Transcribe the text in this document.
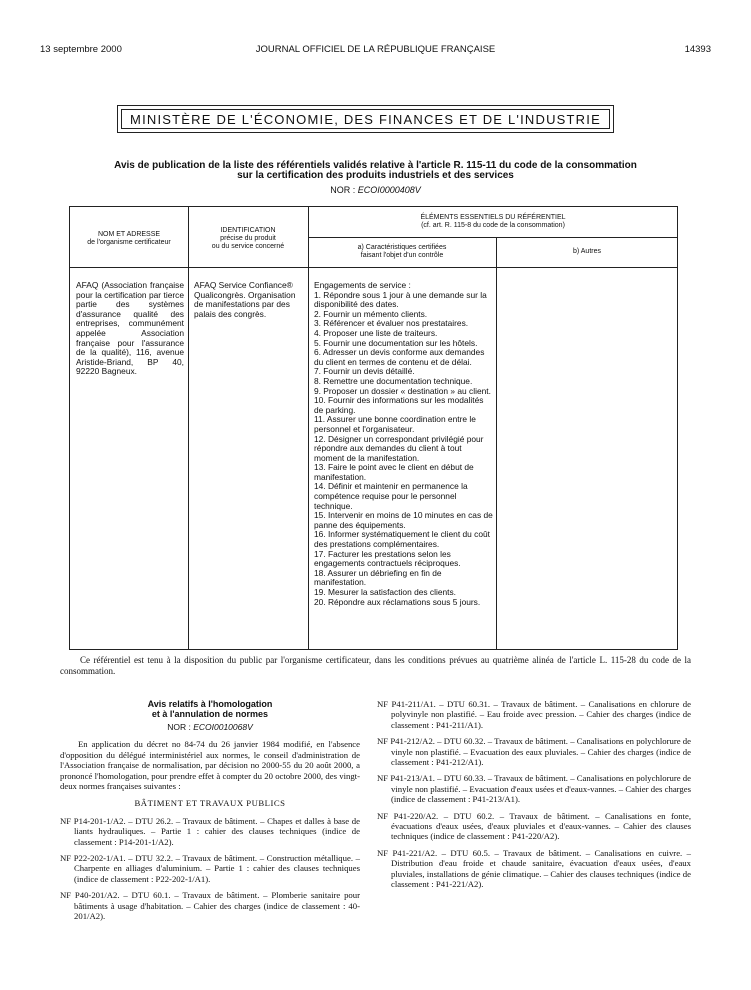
13 septembre 2000	JOURNAL OFFICIEL DE LA RÉPUBLIQUE FRANÇAISE	14393
MINISTÈRE DE L'ÉCONOMIE, DES FINANCES ET DE L'INDUSTRIE
Avis de publication de la liste des référentiels validés relative à l'article R. 115-11 du code de la consommation
sur la certification des produits industriels et des services
NOR : ECOI0000408V
NOM ET ADRESSE
de l'organisme certificateur
IDENTIFICATION
précise du produit
ou du service concerné
ÉLÉMENTS ESSENTIELS DU RÉFÉRENTIEL
(cf. art. R. 115-8 du code de la consommation)
a) Caractéristiques certifiées
faisant l'objet d'un contrôle
b) Autres
AFAQ (Association française pour la certification par tierce partie des systèmes d'assurance qualité des entreprises, communément appelée Association française pour l'assurance de la qualité), 116, avenue Aristide-Briand, BP 40, 92220 Bagneux.
AFAQ Service Confiance® Qualicongrès. Organisation de manifestations par des palais des congrès.
Engagements de service :
1. Répondre sous 1 jour à une demande sur la disponibilité des dates.
2. Fournir un mémento clients.
3. Référencer et évaluer nos prestataires.
4. Proposer une liste de traiteurs.
5. Fournir une documentation sur les hôtels.
6. Adresser un devis conforme aux demandes du client en termes de contenu et de délai.
7. Fournir un devis détaillé.
8. Remettre une documentation technique.
9. Proposer un dossier « destination » au client.
10. Fournir des informations sur les modalités de parking.
11. Assurer une bonne coordination entre le personnel et l'organisateur.
12. Désigner un correspondant privilégié pour répondre aux demandes du client à tout moment de la manifestation.
13. Faire le point avec le client en début de manifestation.
14. Définir et maintenir en permanence la compétence requise pour le personnel technique.
15. Intervenir en moins de 10 minutes en cas de panne des équipements.
16. Informer systématiquement le client du coût des prestations complémentaires.
17. Facturer les prestations selon les engagements contractuels réciproques.
18. Assurer un débriefing en fin de manifestation.
19. Mesurer la satisfaction des clients.
20. Répondre aux réclamations sous 5 jours.
Ce référentiel est tenu à la disposition du public par l'organisme certificateur, dans les conditions prévues au quatrième alinéa de l'article L. 115-28 du code de la consommation.
Avis relatifs à l'homologation
et à l'annulation de normes
NOR : ECOI0010068V
En application du décret no 84-74 du 26 janvier 1984 modifié, en l'absence d'opposition du délégué interministériel aux normes, le conseil d'administration de l'Association française de normalisation, par décision no 2000-55 du 20 août 2000, a prononcé l'homologation, pour prendre effet à compter du 20 octobre 2000, des vingt-deux normes françaises suivantes :
BÂTIMENT ET TRAVAUX PUBLICS
NF P14-201-1/A2. – DTU 26.2. – Travaux de bâtiment. – Chapes et dalles à base de liants hydrauliques. – Partie 1 : cahier des clauses techniques (indice de classement : P14-201-1/A2).
NF P22-202-1/A1. – DTU 32.2. – Travaux de bâtiment. – Construction métallique. – Charpente en alliages d'aluminium. – Partie 1 : cahier des clauses techniques (indice de classement : P22-202-1/A1).
NF P40-201/A2. – DTU 60.1. – Travaux de bâtiment. – Plomberie sanitaire pour bâtiments à usage d'habitation. – Cahier des charges (indice de classement : 40-201/A2).
NF P41-211/A1. – DTU 60.31. – Travaux de bâtiment. – Canalisations en chlorure de polyvinyle non plastifié. – Eau froide avec pression. – Cahier des charges (indice de classement : P41-211/A1).
NF P41-212/A2. – DTU 60.32. – Travaux de bâtiment. – Canalisations en polychlorure de vinyle non plastifié. – Evacuation des eaux pluviales. – Cahier des charges (indice de classement : P41-212/A1).
NF P41-213/A1. – DTU 60.33. – Travaux de bâtiment. – Canalisations en polychlorure de vinyle non plastifié. – Evacuation d'eaux usées et d'eaux-vannes. – Cahier des charges (indice de classement : P41-213/A1).
NF P41-220/A2. – DTU 60.2. – Travaux de bâtiment. – Canalisations en fonte, évacuations d'eaux usées, d'eaux pluviales et d'eaux-vannes. – Cahier des clauses techniques (indice de classement : P41-220/A2).
NF P41-221/A2. – DTU 60.5. – Travaux de bâtiment. – Canalisations en cuivre. – Distribution d'eau froide et chaude sanitaire, évacuation d'eaux usées, d'eaux pluviales, installations de génie climatique. – Cahier des clauses techniques (indice de classement : P41-221/A2).
